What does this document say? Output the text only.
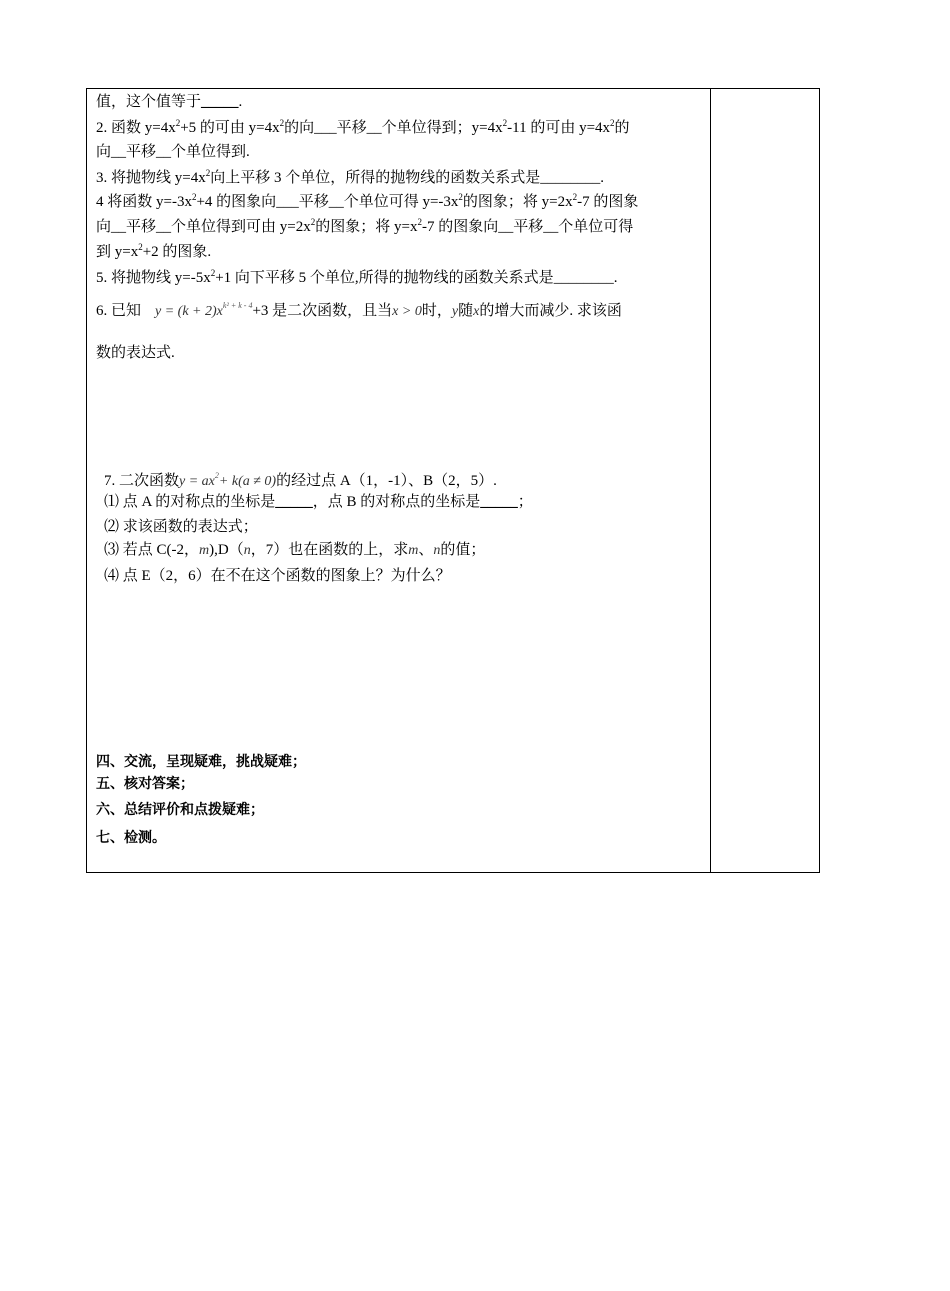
值，这个值等于_____.
2. 函数 $y=4x^2+5$ 的可由 $y=4x^2$的向___平移__个单位得到；$y=4x^2-11$ 的可由 $y=4x^2$的
向__平移__个单位得到.
3. 将抛物线 $y=4x^2$向上平移 3 个单位，所得的抛物线的函数关系式是________.
4 将函数 $y=-3x^2+4$ 的图象向___平移__个单位可得 $y=-3x^2$的图象；将 $y=2x^2-7$ 的图象
向__平移__个单位得到可由 $y=2x^2$的图象；将 $y=x^2-7$ 的图象向__平移__个单位可得
到 $y=x^2+2$ 的图象.
5. 将抛物线 $y=-5x^2+1$ 向下平移 5 个单位,所得的抛物线的函数关系式是________.
6. 已知 $y = (k + 2)x^{k^2 + k - 4}+3$ 是二次函数，且当x > 0时，y随x的增大而减少. 求该函
数的表达式.
7. 二次函数$y = ax^2+ k(a \ne 0)$的经过点 A（1，-1）、B（2，5）.
⑴ 点 A 的对称点的坐标是_____，点 B 的对称点的坐标是_____；
⑵ 求该函数的表达式；
⑶ 若点 C(-2，m),D（n，7）也在函数的上，求m、n的值；
⑷ 点 E（2，6）在不在这个函数的图象上？为什么？
四、交流，呈现疑难，挑战疑难；
五、核对答案；
六、总结评价和点拨疑难；
七、检测。
